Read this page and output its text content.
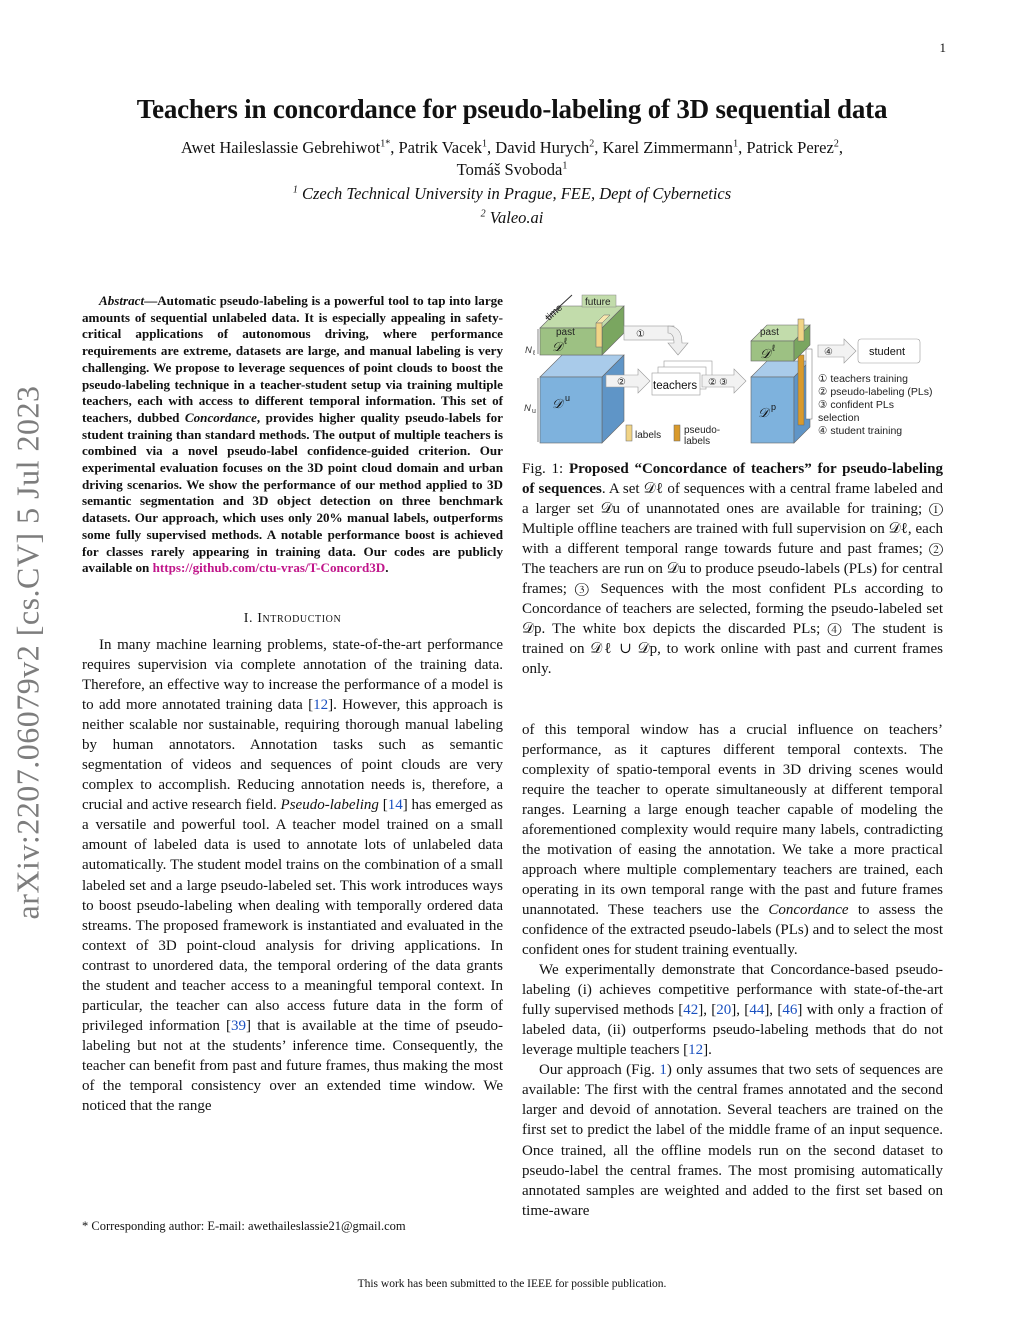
1
arXiv:2207.06079v2 [cs.CV] 5 Jul 2023
Teachers in concordance for pseudo-labeling of 3D sequential data
Awet Haileslassie Gebrehiwot$^{1*}$, Patrik Vacek$^1$, David Hurych$^2$, Karel Zimmermann$^1$, Patrick Perez$^2$,
Tomáš Svoboda$^1$
$^1$ Czech Technical University in Prague, FEE, Dept of Cybernetics
$^2$ Valeo.ai

Abstract—Automatic pseudo-labeling is a powerful tool to tap into large amounts of sequential unlabeled data. It is especially appealing in safety-critical applications of autonomous driving, where performance requirements are extreme, datasets are large, and manual labeling is very challenging. We propose to leverage sequences of point clouds to boost the pseudo-labeling technique in a teacher-student setup via training multiple teachers, each with access to different temporal information. This set of teachers, dubbed Concordance, provides higher quality pseudo-labels for student training than standard methods. The output of multiple teachers is combined via a novel pseudo-label confidence-guided criterion. Our experimental evaluation focuses on the 3D point cloud domain and urban driving scenarios. We show the performance of our method applied to 3D semantic segmentation and 3D object detection on three benchmark datasets. Our approach, which uses only 20% manual labels, outperforms some fully supervised methods. A notable performance boost is achieved for classes rarely appearing in training data. Our codes are publicly available on https://github.com/ctu-vras/T-Concord3D.

I. Introduction

In many machine learning problems, state-of-the-art performance requires supervision via complete annotation of the training data. Therefore, an effective way to increase the performance of a model is to add more annotated training data [12]. However, this approach is neither scalable nor sustainable, requiring thorough manual labeling by human annotators. Annotation tasks such as semantic segmentation of videos and sequences of point clouds are very complex to accomplish. Reducing annotation needs is, therefore, a crucial and active research field. Pseudo-labeling [14] has emerged as a versatile and powerful tool. A teacher model trained on a small amount of labeled data is used to annotate lots of unlabeled data automatically. The student model trains on the combination of a small labeled set and a large pseudo-labeled set. This work introduces ways to boost pseudo-labeling when dealing with temporally ordered data streams. The proposed framework is instantiated and evaluated in the context of 3D point-cloud analysis for driving applications. In contrast to unordered data, the temporal ordering of the data grants the student and teacher access to a meaningful temporal context. In particular, the teacher can also access future data in the form of privileged information [39] that is available at the time of pseudo-labeling but not at the students’ inference time. Consequently, the teacher can benefit from past and future frames, thus making the most of the temporal consistency over an extended time window. We noticed that the range

* Corresponding author: E-mail: awethaileslassie21@gmail.com
time future
past
𝒟 ℓ
𝒟 u
N ℓ
N u
①
② teachers ② ③
labels pseudo-
labels
𝒟 p
past
𝒟 ℓ	④	student
① teachers training
② pseudo-labeling (PLs)
③ confident PLs
selection
④ student training

Fig. 1: Proposed “Concordance of teachers” for pseudo-labeling of sequences. A set 𝒟ℓ of sequences with a central frame labeled and a larger set 𝒟u of unannotated ones are available for training; ① Multiple offline teachers are trained with full supervision on 𝒟ℓ, each with a different temporal range towards future and past frames; ② The teachers are run on 𝒟u to produce pseudo-labels (PLs) for central frames; ③ Sequences with the most confident PLs according to Concordance of teachers are selected, forming the pseudo-labeled set 𝒟p. The white box depicts the discarded PLs; ④ The student is trained on 𝒟ℓ ∪ 𝒟p, to work online with past and current frames only.

of this temporal window has a crucial influence on teachers’ performance, as it captures different temporal contexts. The complexity of spatio-temporal events in 3D driving scenes would require the teacher to operate simultaneously at different temporal ranges. Learning a large enough teacher capable of modeling the aforementioned complexity would require many labels, contradicting the motivation of easing the annotation. We take a more practical approach where multiple complementary teachers are trained, each operating in its own temporal range with the past and future frames unannotated. These teachers use the Concordance to assess the confidence of the extracted pseudo-labels (PLs) and to select the most confident ones for student training eventually.

We experimentally demonstrate that Concordance-based pseudo-labeling (i) achieves competitive performance with state-of-the-art fully supervised methods [42], [20], [44], [46] with only a fraction of labeled data, (ii) outperforms pseudo-labeling methods that do not leverage multiple teachers [12].

Our approach (Fig. 1) only assumes that two sets of sequences are available: The first with the central frames annotated and the second larger and devoid of annotation. Several teachers are trained on the first set to predict the label of the middle frame of an input sequence. Once trained, all the offline models run on the second dataset to pseudo-label the central frames. The most promising automatically annotated samples are weighted and added to the first set based on time-aware

This work has been submitted to the IEEE for possible publication.
